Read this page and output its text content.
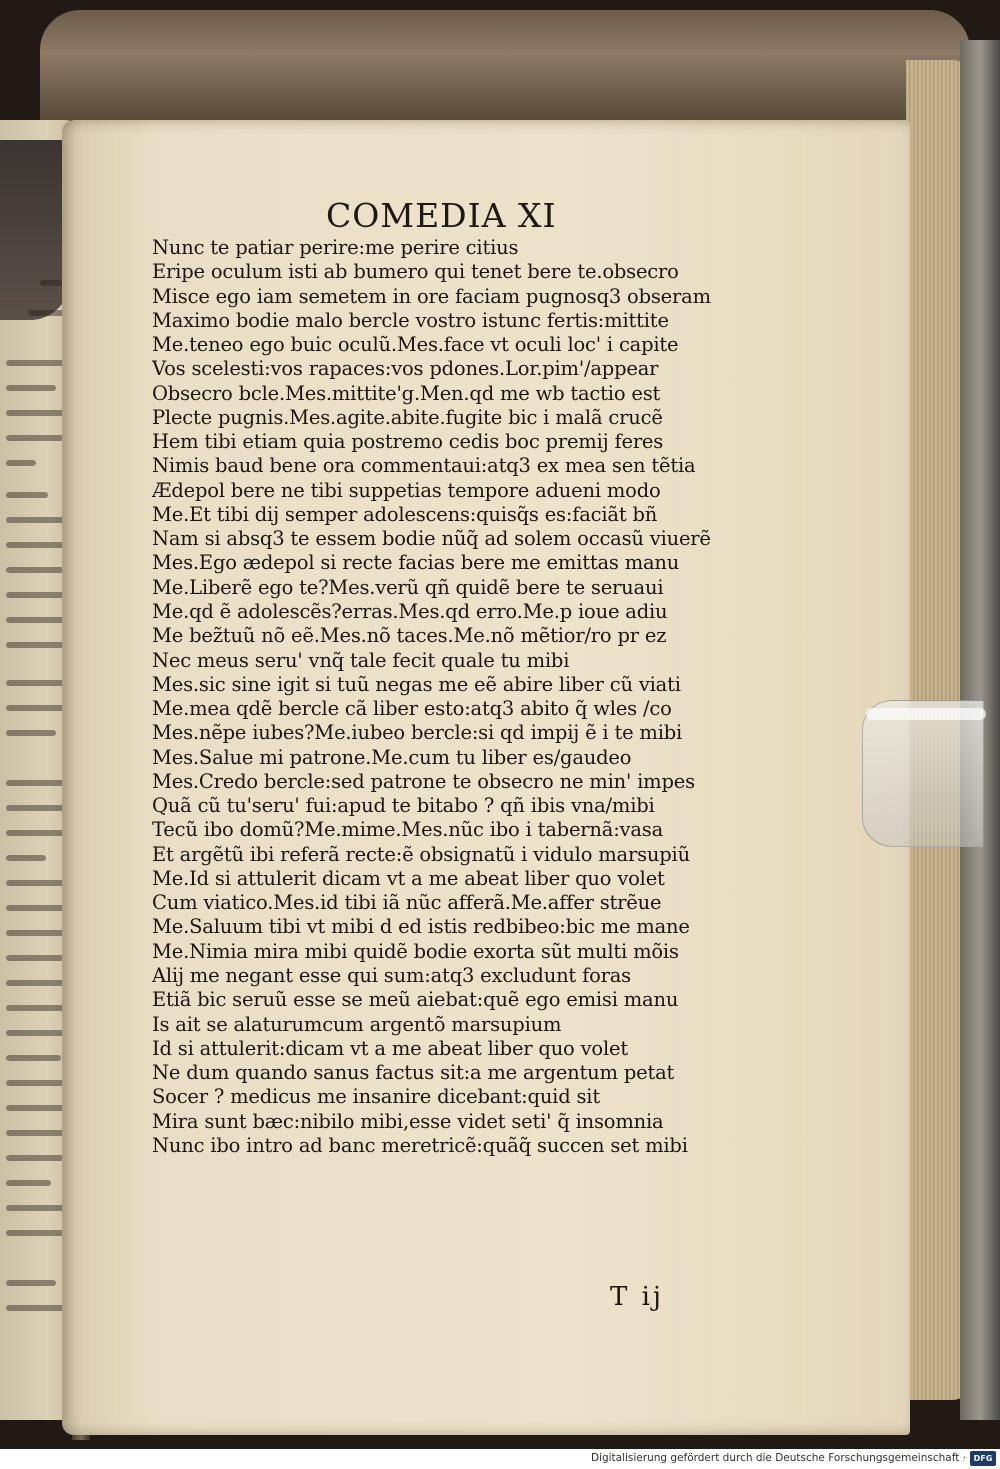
COMEDIA XI
Nunc te patiar perire:me perire citius
Eripe oculum isti ab bumero qui tenet bere te.obsecro
Misce ego iam semetem in ore faciam pugnosq3 obseram
Maximo bodie malo bercle vostro istunc fertis:mittite
Me.teneo ego buic oculũ.Mes.face vt oculi loc' i capite
Vos scelesti:vos rapaces:vos pdones.Lor.pim'/appear
Obsecro bcle.Mes.mittite'g.Men.qd me wb tactio est
Plecte pugnis.Mes.agite.abite.fugite bic i malã crucẽ
Hem tibi etiam quia postremo cedis boc premij feres
Nimis baud bene ora commentaui:atq3 ex mea sen tẽtia
Ædepol bere ne tibi suppetias tempore adueni modo
Me.Et tibi dij semper adolescens:quisq̃s es:faciãt bñ
Nam si absq3 te essem bodie nũq̃ ad solem occasũ viuerẽ
Mes.Ego ædepol si recte facias bere me emittas manu
Me.Liberẽ ego te?Mes.verũ qñ quidẽ bere te seruaui
Me.qd ẽ adolescẽs?erras.Mes.qd erro.Me.p ioue adiu
Me bez̃tuũ nõ eẽ.Mes.nõ taces.Me.nõ mẽtior/ro pr ez
Nec meus seru' vnq̃ tale fecit quale tu mibi
Mes.sic sine igit si tuũ negas me eẽ abire liber cũ viati
Me.mea qdẽ bercle cã liber esto:atq3 abito q̃ wles /co
Mes.nẽpe iubes?Me.iubeo bercle:si qd impij ẽ i te mibi
Mes.Salue mi patrone.Me.cum tu liber es/gaudeo
Mes.Credo bercle:sed patrone te obsecro ne min' impes
Quã cũ tu'seru' fui:apud te bitabo ? qñ ibis vna/mibi
Tecũ ibo domũ?Me.mime.Mes.nũc ibo i tabernã:vasa
Et argẽtũ ibi referã recte:ẽ obsignatũ i vidulo marsupiũ
Me.Id si attulerit dicam vt a me abeat liber quo volet
Cum viatico.Mes.id tibi iã nũc afferã.Me.affer strẽue
Me.Saluum tibi vt mibi d ed istis redbibeo:bic me mane
Me.Nimia mira mibi quidẽ bodie exorta sũt multi mõis
Alij me negant esse qui sum:atq3 excludunt foras
Etiã bic seruũ esse se meũ aiebat:quẽ ego emisi manu
Is ait se alaturumcum argentõ marsupium
Id si attulerit:dicam vt a me abeat liber quo volet
Ne dum quando sanus factus sit:a me argentum petat
Socer ? medicus me insanire dicebant:quid sit
Mira sunt bæc:nibilo mibi,esse videt seti' q̃ insomnia
Nunc ibo intro ad banc meretricẽ:quãq̃ succen set mibi
T ij
Digitalisierung gefördert durch die Deutsche Forschungsgemeinschaft · DFG
